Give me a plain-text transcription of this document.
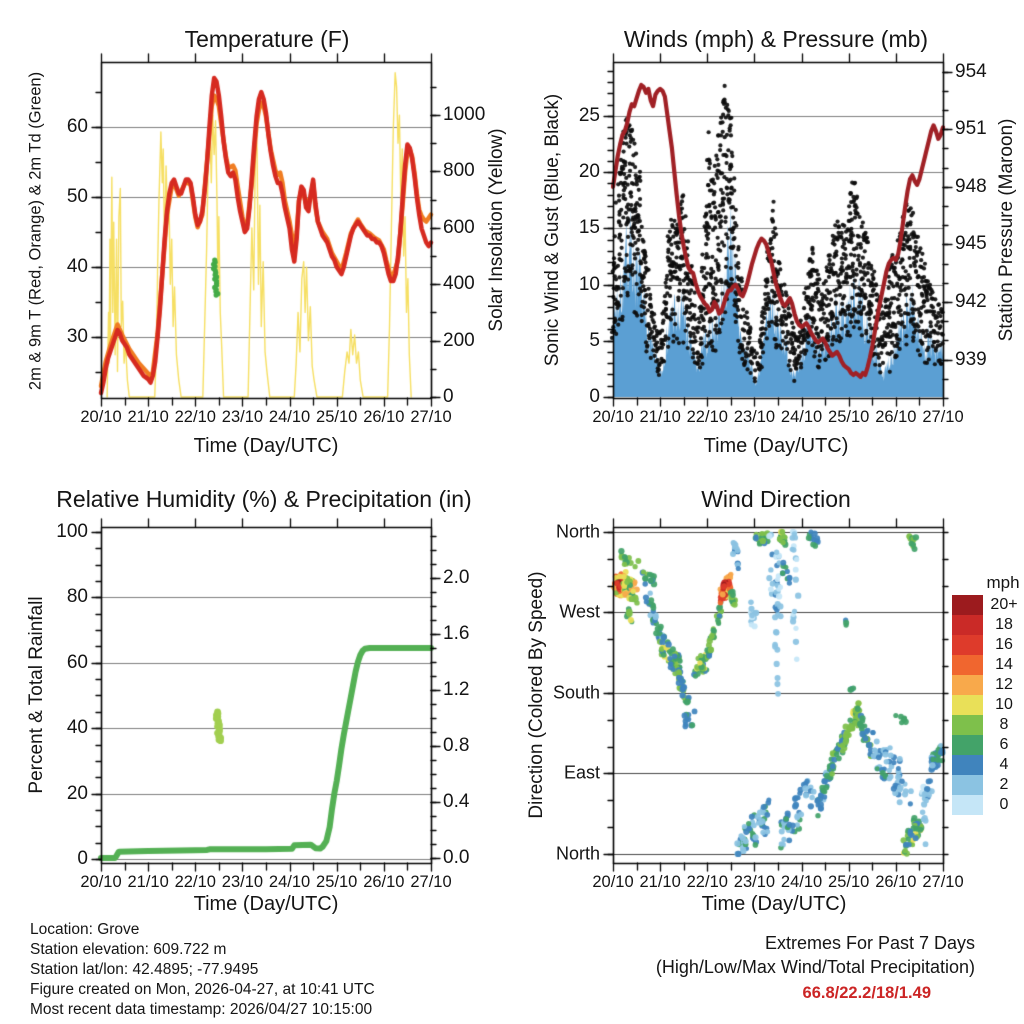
Temperature (F)	Winds (mph) & Pressure (mb)
Relative Humidity (%) & Precipitation (in)	Wind Direction
Time (Day/UTC)	Time (Day/UTC)
Time (Day/UTC)	Time (Day/UTC)
2m & 9m T (Red, Orange) & 2m Td (Green)	Solar Insolation (Yellow) Sonic Wind & Gust (Blue, Black)	Station Pressure (Maroon)
Percent & Total Rainfall	Direction (Colored By Speed)
Location: Grove
Station elevation: 609.722 m
Station lat/lon: 42.4895; -77.9495
Figure created on Mon, 2026-04-27, at 10:41 UTC
Most recent data timestamp: 2026/04/27 10:15:00
Extremes For Past 7 Days
(High/Low/Max Wind/Total Precipitation)
66.8/22.2/18/1.49
mph
20+
18
16
14
12
10
8
6
4
2
0
20/10 21/10 22/10 23/10 24/10 25/10 26/10 27/10
30
40
50
60
0
200
400
600
800
1000
20/10 21/10 22/10 23/10 24/10 25/10 26/10 27/10
0
5
10
15
20
25
939
942
945
948
951
954
20/10 21/10 22/10 23/10 24/10 25/10 26/10 27/10
0
20
40
60
80
100
0.0
0.4
0.8
1.2
1.6
2.0
20/10 21/10 22/10 23/10 24/10 25/10 26/10 27/10
North
West
South
East
North
